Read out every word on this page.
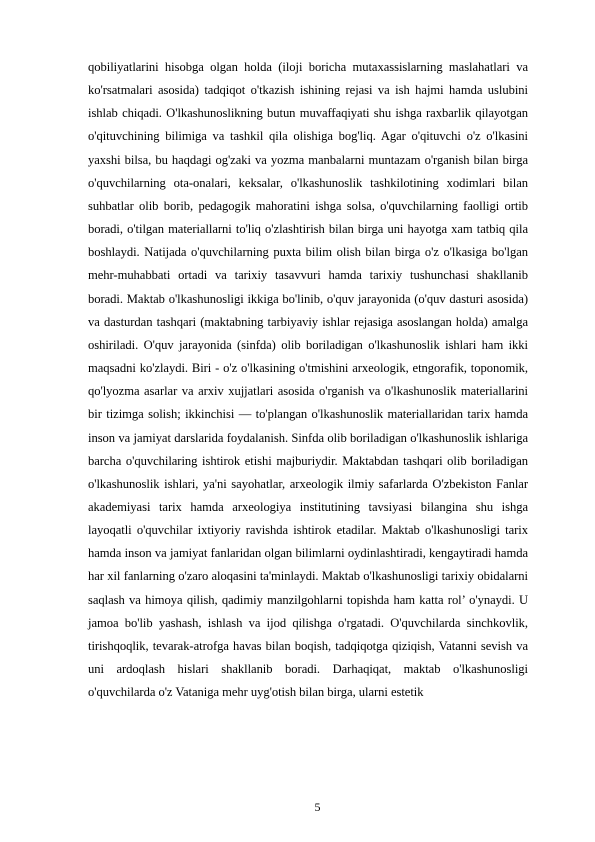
qobiliyatlarini hisobga olgan holda (iloji boricha mutaxassislarning maslahatlari va ko'rsatmalari asosida) tadqiqot o'tkazish ishining rejasi va ish hajmi hamda uslubini ishlab chiqadi. O'lkashunoslikning butun muvaffaqiyati shu ishga raxbarlik qilayotgan o'qituvchining bilimiga va tashkil qila olishiga bog'liq. Agar o'qituvchi o'z o'lkasini yaxshi bilsa, bu haqdagi og'zaki va yozma manbalarni muntazam o'rganish bilan birga o'quvchilarning ota-onalari, keksalar, o'lkashunoslik tashkilotining xodimlari bilan suhbatlar olib borib, pedagogik mahoratini ishga solsa, o'quvchilarning faolligi ortib boradi, o'tilgan materiallarni to'liq o'zlashtirish bilan birga uni hayotga xam tatbiq qila boshlaydi. Natijada o'quvchilarning puxta bilim olish bilan birga o'z o'lkasiga bo'lgan mehr-muhabbati ortadi va tarixiy tasavvuri hamda tarixiy tushunchasi shakllanib boradi. Maktab o'lkashunosligi ikkiga bo'linib, o'quv jarayonida (o'quv dasturi asosida) va dasturdan tashqari (maktabning tarbiyaviy ishlar rejasiga asoslangan holda) amalga oshiriladi. O'quv jarayonida (sinfda) olib boriladigan o'lkashunoslik ishlari ham ikki maqsadni ko'zlaydi. Biri - o'z o'lkasining o'tmishini arxeologik, etngorafik, toponomik, qo'lyozma asarlar va arxiv xujjatlari asosida o'rganish va o'lkashunoslik materiallarini bir tizimga solish; ikkinchisi — to'plangan o'lkashunoslik materiallaridan tarix hamda inson va jamiyat darslarida foydalanish. Sinfda olib boriladigan o'lkashunoslik ishlariga barcha o'quvchilaring ishtirok etishi majburiydir. Maktabdan tashqari olib boriladigan o'lkashunoslik ishlari, ya'ni sayohatlar, arxeologik ilmiy safarlarda O'zbekiston Fanlar akademiyasi tarix hamda arxeologiya institutining tavsiyasi bilangina shu ishga layoqatli o'quvchilar ixtiyoriy ravishda ishtirok etadilar. Maktab o'lkashunosligi tarix hamda inson va jamiyat fanlaridan olgan bilimlarni oydinlashtiradi, kengaytiradi hamda har xil fanlarning o'zaro aloqasini ta'minlaydi. Maktab o'lkashunosligi tarixiy obidalarni saqlash va himoya qilish, qadimiy manzilgohlarni topishda ham katta rol’ o'ynaydi. U jamoa bo'lib yashash, ishlash va ijod qilishga o'rgatadi. O'quvchilarda sinchkovlik, tirishqoqlik, tevarak-atrofga havas bilan boqish, tadqiqotga qiziqish, Vatanni sevish va uni ardoqlash hislari shakllanib boradi. Darhaqiqat, maktab o'lkashunosligi o'quvchilarda o'z Vataniga mehr uyg'otish bilan birga, ularni estetik

5
